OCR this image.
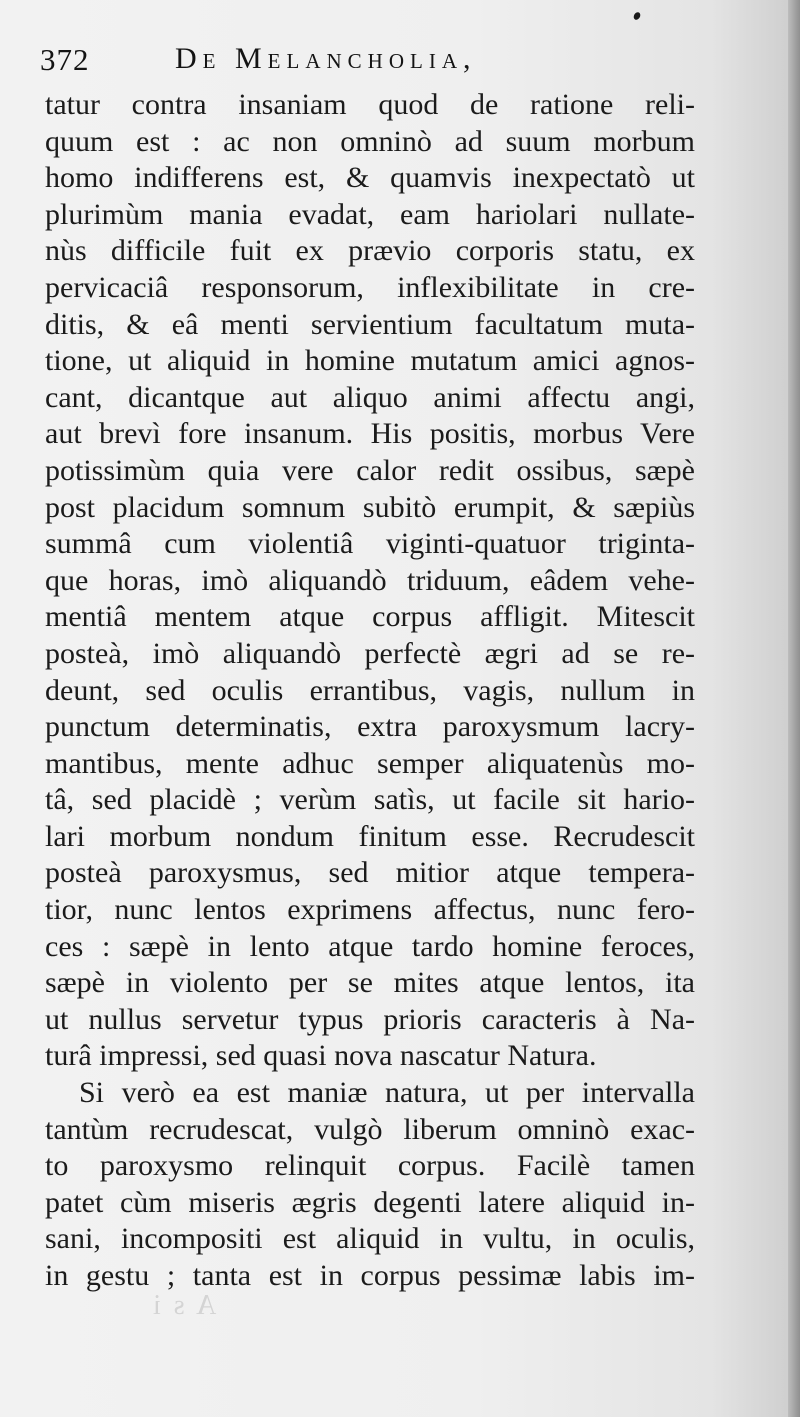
372	De Melancholia,
tatur contra insaniam quod de ratione reli-
quum est : ac non omninò ad suum morbum
homo indifferens est, & quamvis inexpectatò ut
plurimùm mania evadat, eam hariolari nullate-
nùs difficile fuit ex prævio corporis statu, ex
pervicaciâ responsorum, inflexibilitate in cre-
ditis, & eâ menti servientium facultatum muta-
tione, ut aliquid in homine mutatum amici agnos-
cant, dicantque aut aliquo animi affectu angi,
aut brevì fore insanum. His positis, morbus Vere
potissimùm quia vere calor redit ossibus, sæpè
post placidum somnum subitò erumpit, & sæpiùs
summâ cum violentiâ viginti-quatuor triginta-
que horas, imò aliquandò triduum, eâdem vehe-
mentiâ mentem atque corpus affligit. Mitescit
posteà, imò aliquandò perfectè ægri ad se re-
deunt, sed oculis errantibus, vagis, nullum in
punctum determinatis, extra paroxysmum lacry-
mantibus, mente adhuc semper aliquatenùs mo-
tâ, sed placidè ; verùm satìs, ut facile sit hario-
lari morbum nondum finitum esse. Recrudescit
posteà paroxysmus, sed mitior atque tempera-
tior, nunc lentos exprimens affectus, nunc fero-
ces : sæpè in lento atque tardo homine feroces,
sæpè in violento per se mites atque lentos, ita
ut nullus servetur typus prioris caracteris à Na-
turâ impressi, sed quasi nova nascatur Natura.
Si verò ea est maniæ natura, ut per intervalla
tantùm recrudescat, vulgò liberum omninò exac-
to paroxysmo relinquit corpus. Facilè tamen
patet cùm miseris ægris degenti latere aliquid in-
sani, incompositi est aliquid in vultu, in oculis,
in gestu ; tanta est in corpus pessimæ labis im-
A s i
